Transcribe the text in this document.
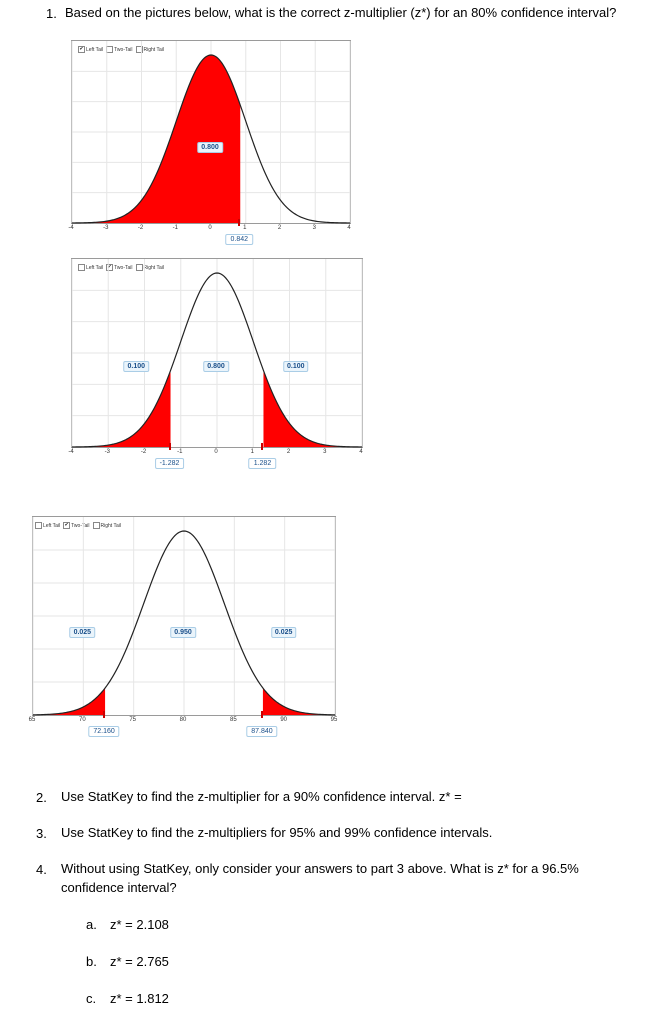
1. Based on the pictures below, what is the correct z-multiplier (z*) for an 80% confidence interval?
✔ Left Tail Two-Tail Right Tail
Left Tail ✔ Two-Tail Right Tail
Left Tail ✔ Two-Tail Right Tail
2. Use StatKey to find the z-multiplier for a 90% confidence interval. z* =
3. Use StatKey to find the z-multipliers for 95% and 99% confidence intervals.
4. Without using StatKey, only consider your answers to part 3 above. What is z* for a 96.5%
confidence interval?
a. z* = 2.108
b. z* = 2.765
c. z* = 1.812
-4	-3	-2	-1	0	1	2	3	4
0.800
0.842
-4	-3	-2	-1	0	1	2	3	4
0.100	0.800	0.100
-1.282	1.282
65	70	75	80	85	90	95
0.025	0.950	0.025
72.160	87.840
